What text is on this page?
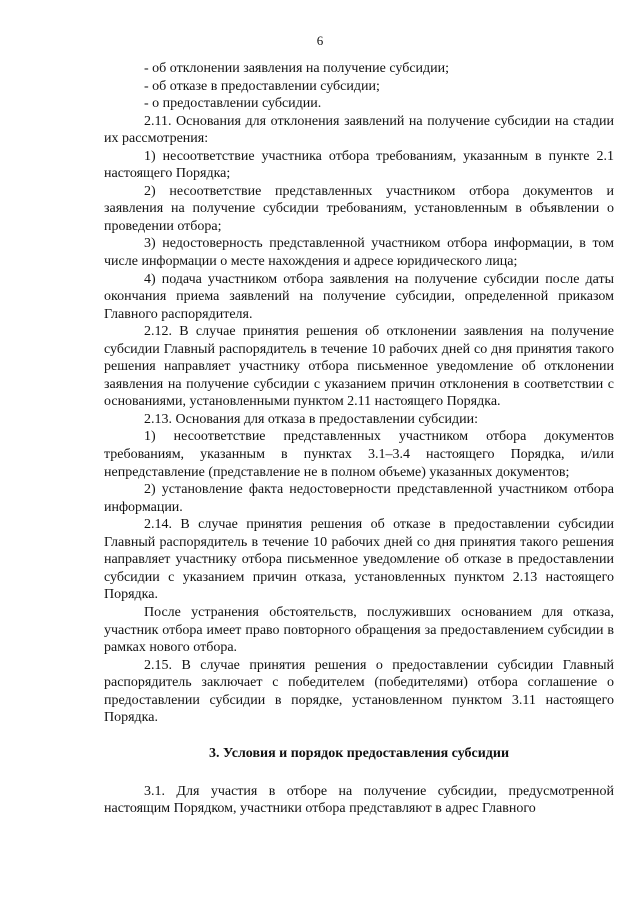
6

- об отклонении заявления на получение субсидии;

- об отказе в предоставлении субсидии;

- о предоставлении субсидии.

2.11. Основания для отклонения заявлений на получение субсидии на стадии их рассмотрения:

1) несоответствие участника отбора требованиям, указанным в пункте 2.1 настоящего Порядка;

2) несоответствие представленных участником отбора документов и заявления на получение субсидии требованиям, установленным в объявлении о проведении отбора;

3) недостоверность представленной участником отбора информации, в том числе информации о месте нахождения и адресе юридического лица;

4) подача участником отбора заявления на получение субсидии после даты окончания приема заявлений на получение субсидии, определенной приказом Главного распорядителя.

2.12. В случае принятия решения об отклонении заявления на получение субсидии Главный распорядитель в течение 10 рабочих дней со дня принятия такого решения направляет участнику отбора письменное уведомление об отклонении заявления на получение субсидии с указанием причин отклонения в соответствии с основаниями, установленными пунктом 2.11 настоящего Порядка.

2.13. Основания для отказа в предоставлении субсидии:

1) несоответствие представленных участником отбора документов требованиям, указанным в пунктах 3.1–3.4 настоящего Порядка, и/или непредставление (представление не в полном объеме) указанных документов;

2) установление факта недостоверности представленной участником отбора информации.

2.14. В случае принятия решения об отказе в предоставлении субсидии Главный распорядитель в течение 10 рабочих дней со дня принятия такого решения направляет участнику отбора письменное уведомление об отказе в предоставлении субсидии с указанием причин отказа, установленных пунктом 2.13 настоящего Порядка.

После устранения обстоятельств, послуживших основанием для отказа, участник отбора имеет право повторного обращения за предоставлением субсидии в рамках нового отбора.

2.15. В случае принятия решения о предоставлении субсидии Главный распорядитель заключает с победителем (победителями) отбора соглашение о предоставлении субсидии в порядке, установленном пунктом 3.11 настоящего Порядка.

3. Условия и порядок предоставления субсидии

3.1. Для участия в отборе на получение субсидии, предусмотренной настоящим Порядком, участники отбора представляют в адрес Главного
